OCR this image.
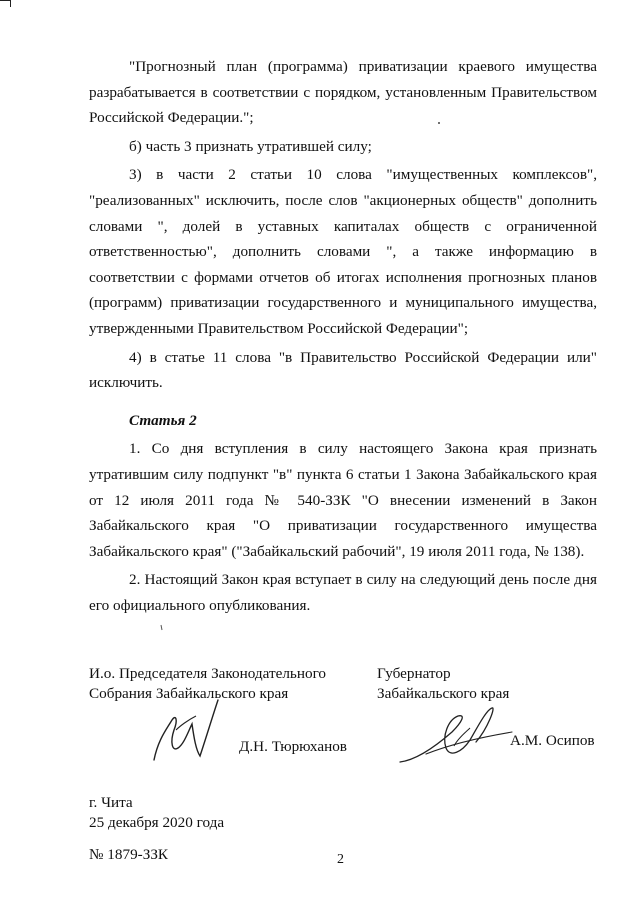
"Прогнозный план (программа) приватизации краевого имущества разрабатывается в соответствии с порядком, установленным Правительством Российской Федерации.";

б) часть 3 признать утратившей силу;

3) в части 2 статьи 10 слова "имущественных комплексов", "реализованных" исключить, после слов "акционерных обществ" дополнить словами ", долей в уставных капиталах обществ с ограниченной ответственностью", дополнить словами ", а также информацию в соответствии с формами отчетов об итогах исполнения прогнозных планов (программ) приватизации государственного и муниципального имущества, утвержденными Правительством Российской Федерации";

4) в статье 11 слова "в Правительство Российской Федерации или" исключить.

Статья 2

1. Со дня вступления в силу настоящего Закона края признать утратившим силу подпункт "в" пункта 6 статьи 1 Закона Забайкальского края от 12 июля 2011 года № 540-ЗЗК "О внесении изменений в Закон Забайкальского края "О приватизации государственного имущества Забайкальского края" ("Забайкальский рабочий", 19 июля 2011 года, № 138).

2. Настоящий Закон края вступает в силу на следующий день после дня его официального опубликования.

И.о. Председателя Законодательного
Собрания Забайкальского края
Д.Н. Тюрюханов
Губернатор
Забайкальского края
А.М. Осипов
г. Чита
25 декабря 2020 года
№ 1879-ЗЗК	2
